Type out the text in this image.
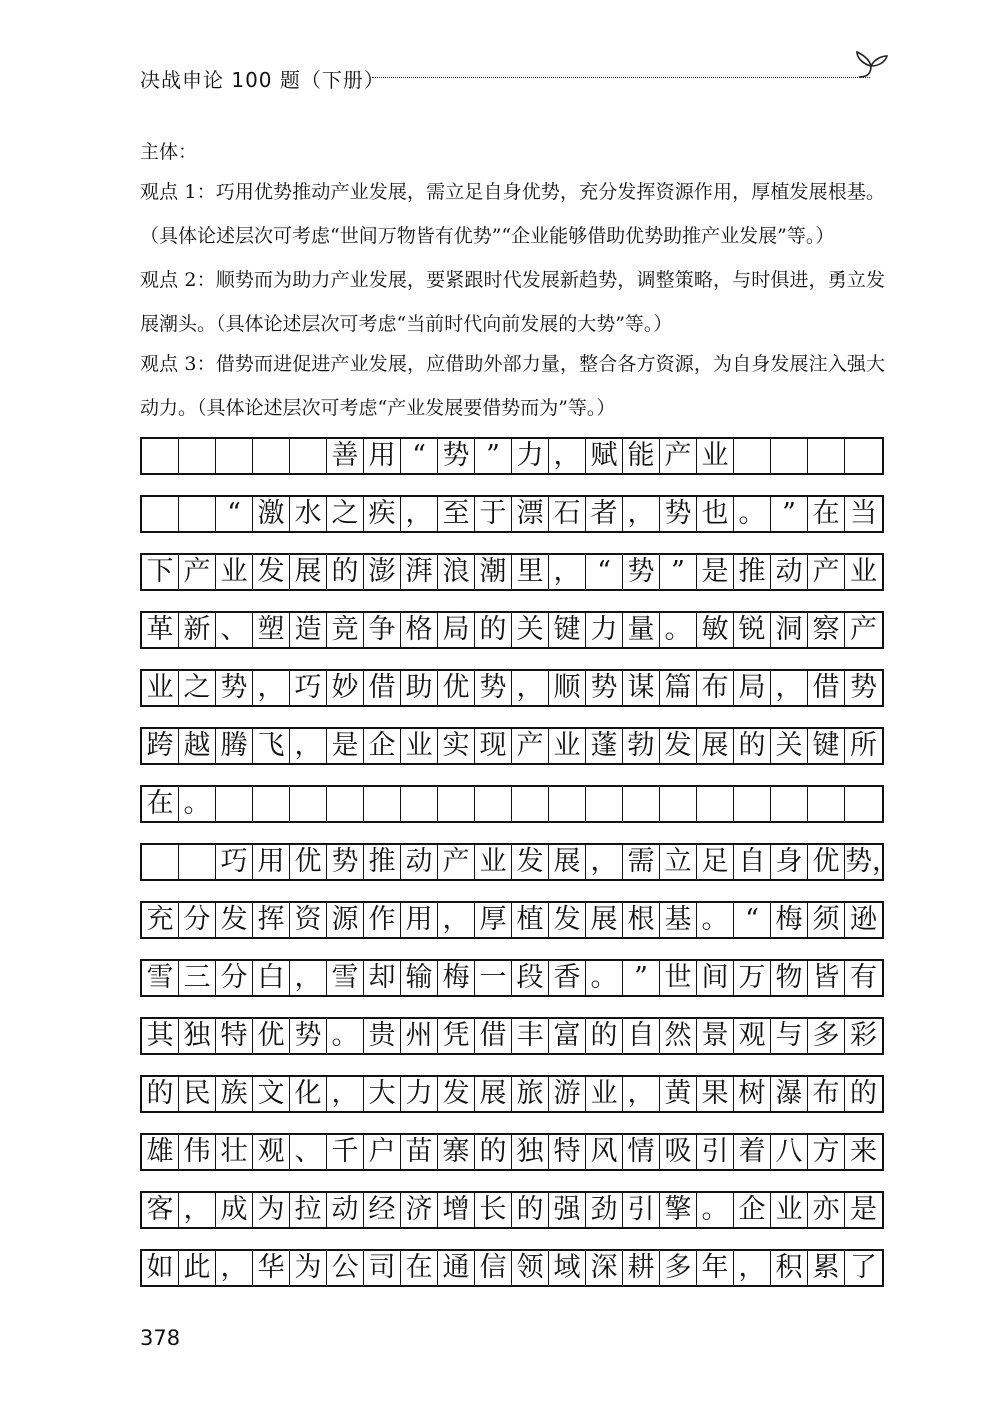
决战申论 100 题（下册）

主体：

观点 1：巧用优势推动产业发展，需立足自身优势，充分发挥资源作用，厚植发展根基。（具体论述层次可考虑“世间万物皆有优势”“企业能够借助优势助推产业发展”等。）

观点 2：顺势而为助力产业发展，要紧跟时代发展新趋势，调整策略，与时俱进，勇立发展潮头。（具体论述层次可考虑“当前时代向前发展的大势”等。）

观点 3：借势而进促进产业发展，应借助外部力量，整合各方资源，为自身发展注入强大动力。（具体论述层次可考虑“产业发展要借势而为”等。）

善 用 “ 势 ” 力 ， 赋 能 产 业
“ 激 水 之 疾 ， 至 于 漂 石 者 ， 势 也 。 ” 在 当
下 产 业 发 展 的 澎 湃 浪 潮 里 ， “ 势 ” 是 推 动 产 业
革 新 、 塑 造 竞 争 格 局 的 关 键 力 量 。 敏 锐 洞 察 产
业 之 势 ， 巧 妙 借 助 优 势 ， 顺 势 谋 篇 布 局 ， 借 势
跨 越 腾 飞 ， 是 企 业 实 现 产 业 蓬 勃 发 展 的 关 键 所
在 。
巧 用 优 势 推 动 产 业 发 展 ， 需 立 足 自 身 优 势，
充 分 发 挥 资 源 作 用 ， 厚 植 发 展 根 基 。 “ 梅 须 逊
雪 三 分 白 ， 雪 却 输 梅 一 段 香 。 ” 世 间 万 物 皆 有
其 独 特 优 势 。 贵 州 凭 借 丰 富 的 自 然 景 观 与 多 彩
的 民 族 文 化 ， 大 力 发 展 旅 游 业 ， 黄 果 树 瀑 布 的
雄 伟 壮 观 、 千 户 苗 寨 的 独 特 风 情 吸 引 着 八 方 来
客 ， 成 为 拉 动 经 济 增 长 的 强 劲 引 擎 。 企 业 亦 是
如 此 ， 华 为 公 司 在 通 信 领 域 深 耕 多 年 ， 积 累 了
378
